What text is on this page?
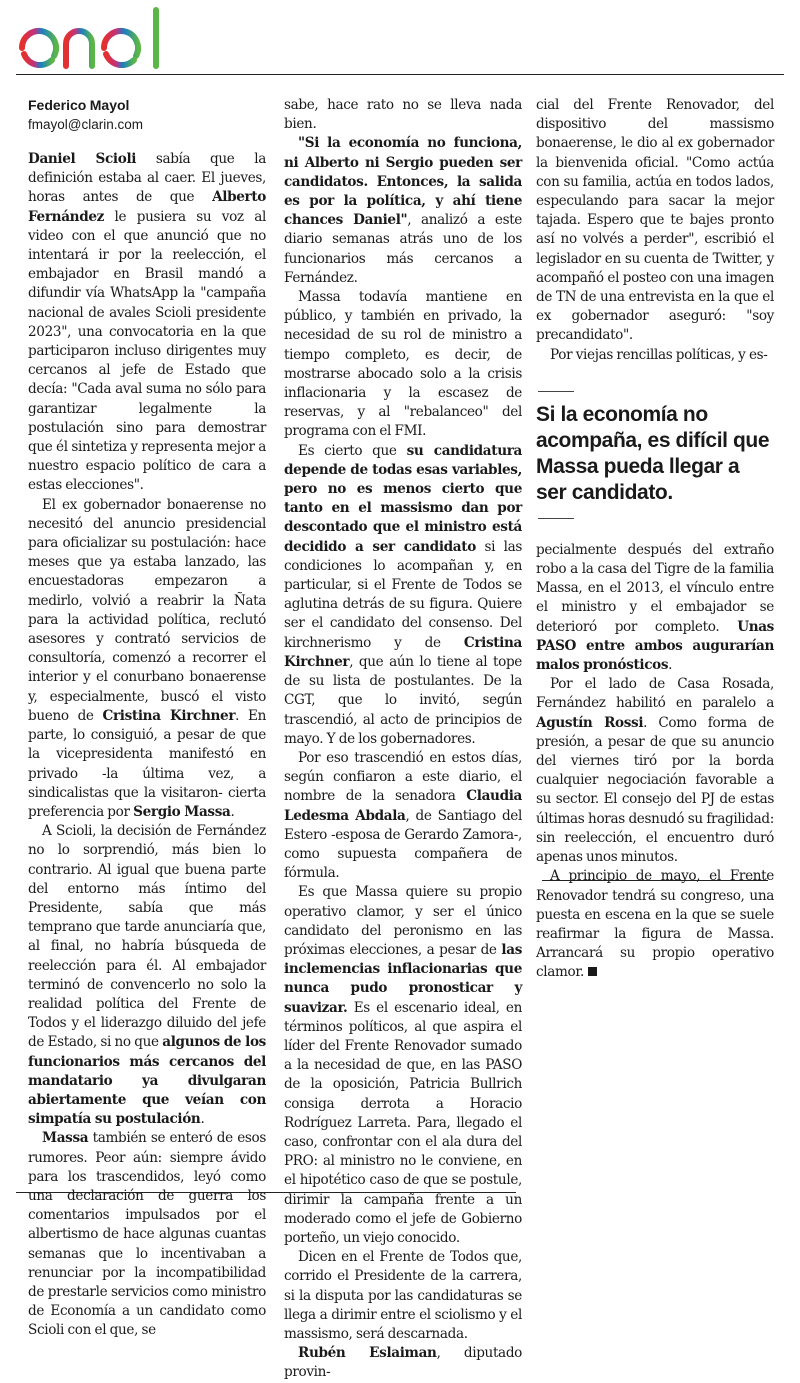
Federico Mayol
fmayol@clarin.com

Daniel Scioli sabía que la definición estaba al caer. El jueves, horas antes de que Alberto Fernández le pusiera su voz al video con el que anunció que no intentará ir por la reelección, el embajador en Brasil mandó a difundir vía WhatsApp la "campaña nacional de avales Scioli presidente 2023", una convocatoria en la que participaron incluso dirigentes muy cercanos al jefe de Estado que decía: "Cada aval suma no sólo para garantizar legalmente la postulación sino para demostrar que él sintetiza y representa mejor a nuestro espacio político de cara a estas elecciones".

El ex gobernador bonaerense no necesitó del anuncio presidencial para oficializar su postulación: hace meses que ya estaba lanzado, las encuestadoras empezaron a medirlo, volvió a reabrir la Ñata para la actividad política, reclutó asesores y contrató servicios de consultoría, comenzó a recorrer el interior y el conurbano bonaerense y, especialmente, buscó el visto bueno de Cristina Kirchner. En parte, lo consiguió, a pesar de que la vicepresidenta manifestó en privado -la última vez, a sindicalistas que la visitaron- cierta preferencia por Sergio Massa.

A Scioli, la decisión de Fernández no lo sorprendió, más bien lo contrario. Al igual que buena parte del entorno más íntimo del Presidente, sabía que más temprano que tarde anunciaría que, al final, no habría búsqueda de reelección para él. Al embajador terminó de convencerlo no solo la realidad política del Frente de Todos y el liderazgo diluido del jefe de Estado, si no que algunos de los funcionarios más cercanos del mandatario ya divulgaran abiertamente que veían con simpatía su postulación.

Massa también se enteró de esos rumores. Peor aún: siempre ávido para los trascendidos, leyó como una declaración de guerra los comentarios impulsados por el albertismo de hace algunas cuantas semanas que lo incentivaban a renunciar por la incompatibilidad de prestarle servicios como ministro de Economía a un candidato como Scioli con el que, se

sabe, hace rato no se lleva nada bien.

"Si la economía no funciona, ni Alberto ni Sergio pueden ser candidatos. Entonces, la salida es por la política, y ahí tiene chances Daniel", analizó a este diario semanas atrás uno de los funcionarios más cercanos a Fernández.

Massa todavía mantiene en público, y también en privado, la necesidad de su rol de ministro a tiempo completo, es decir, de mostrarse abocado solo a la crisis inflacionaria y la escasez de reservas, y al "rebalanceo" del programa con el FMI.

Es cierto que su candidatura depende de todas esas variables, pero no es menos cierto que tanto en el massismo dan por descontado que el ministro está decidido a ser candidato si las condiciones lo acompañan y, en particular, si el Frente de Todos se aglutina detrás de su figura. Quiere ser el candidato del consenso. Del kirchnerismo y de Cristina Kirchner, que aún lo tiene al tope de su lista de postulantes. De la CGT, que lo invitó, según trascendió, al acto de principios de mayo. Y de los gobernadores.

Por eso trascendió en estos días, según confiaron a este diario, el nombre de la senadora Claudia Ledesma Abdala, de Santiago del Estero -esposa de Gerardo Zamora-, como supuesta compañera de fórmula.

Es que Massa quiere su propio operativo clamor, y ser el único candidato del peronismo en las próximas elecciones, a pesar de las inclemencias inflacionarias que nunca pudo pronosticar y suavizar. Es el escenario ideal, en términos políticos, al que aspira el líder del Frente Renovador sumado a la necesidad de que, en las PASO de la oposición, Patricia Bullrich consiga derrota a Horacio Rodríguez Larreta. Para, llegado el caso, confrontar con el ala dura del PRO: al ministro no le conviene, en el hipotético caso de que se postule, dirimir la campaña frente a un moderado como el jefe de Gobierno porteño, un viejo conocido.

Dicen en el Frente de Todos que, corrido el Presidente de la carrera, si la disputa por las candidaturas se llega a dirimir entre el sciolismo y el massismo, será descarnada.

Rubén Eslaiman, diputado provin-

cial del Frente Renovador, del dispositivo del massismo bonaerense, le dio al ex gobernador la bienvenida oficial. "Como actúa con su familia, actúa en todos lados, especulando para sacar la mejor tajada. Espero que te bajes pronto así no volvés a perder", escribió el legislador en su cuenta de Twitter, y acompañó el posteo con una imagen de TN de una entrevista en la que el ex gobernador aseguró: "soy precandidato".

Por viejas rencillas políticas, y es-

Si la economía no acompaña, es difícil que Massa pueda llegar a ser candidato.

pecialmente después del extraño robo a la casa del Tigre de la familia Massa, en el 2013, el vínculo entre el ministro y el embajador se deterioró por completo. Unas PASO entre ambos augurarían malos pronósticos.

Por el lado de Casa Rosada, Fernández habilitó en paralelo a Agustín Rossi. Como forma de presión, a pesar de que su anuncio del viernes tiró por la borda cualquier negociación favorable a su sector. El consejo del PJ de estas últimas horas desnudó su fragilidad: sin reelección, el encuentro duró apenas unos minutos.

A principio de mayo, el Frente Renovador tendrá su congreso, una puesta en escena en la que se suele reafirmar la figura de Massa. Arrancará su propio operativo clamor.
